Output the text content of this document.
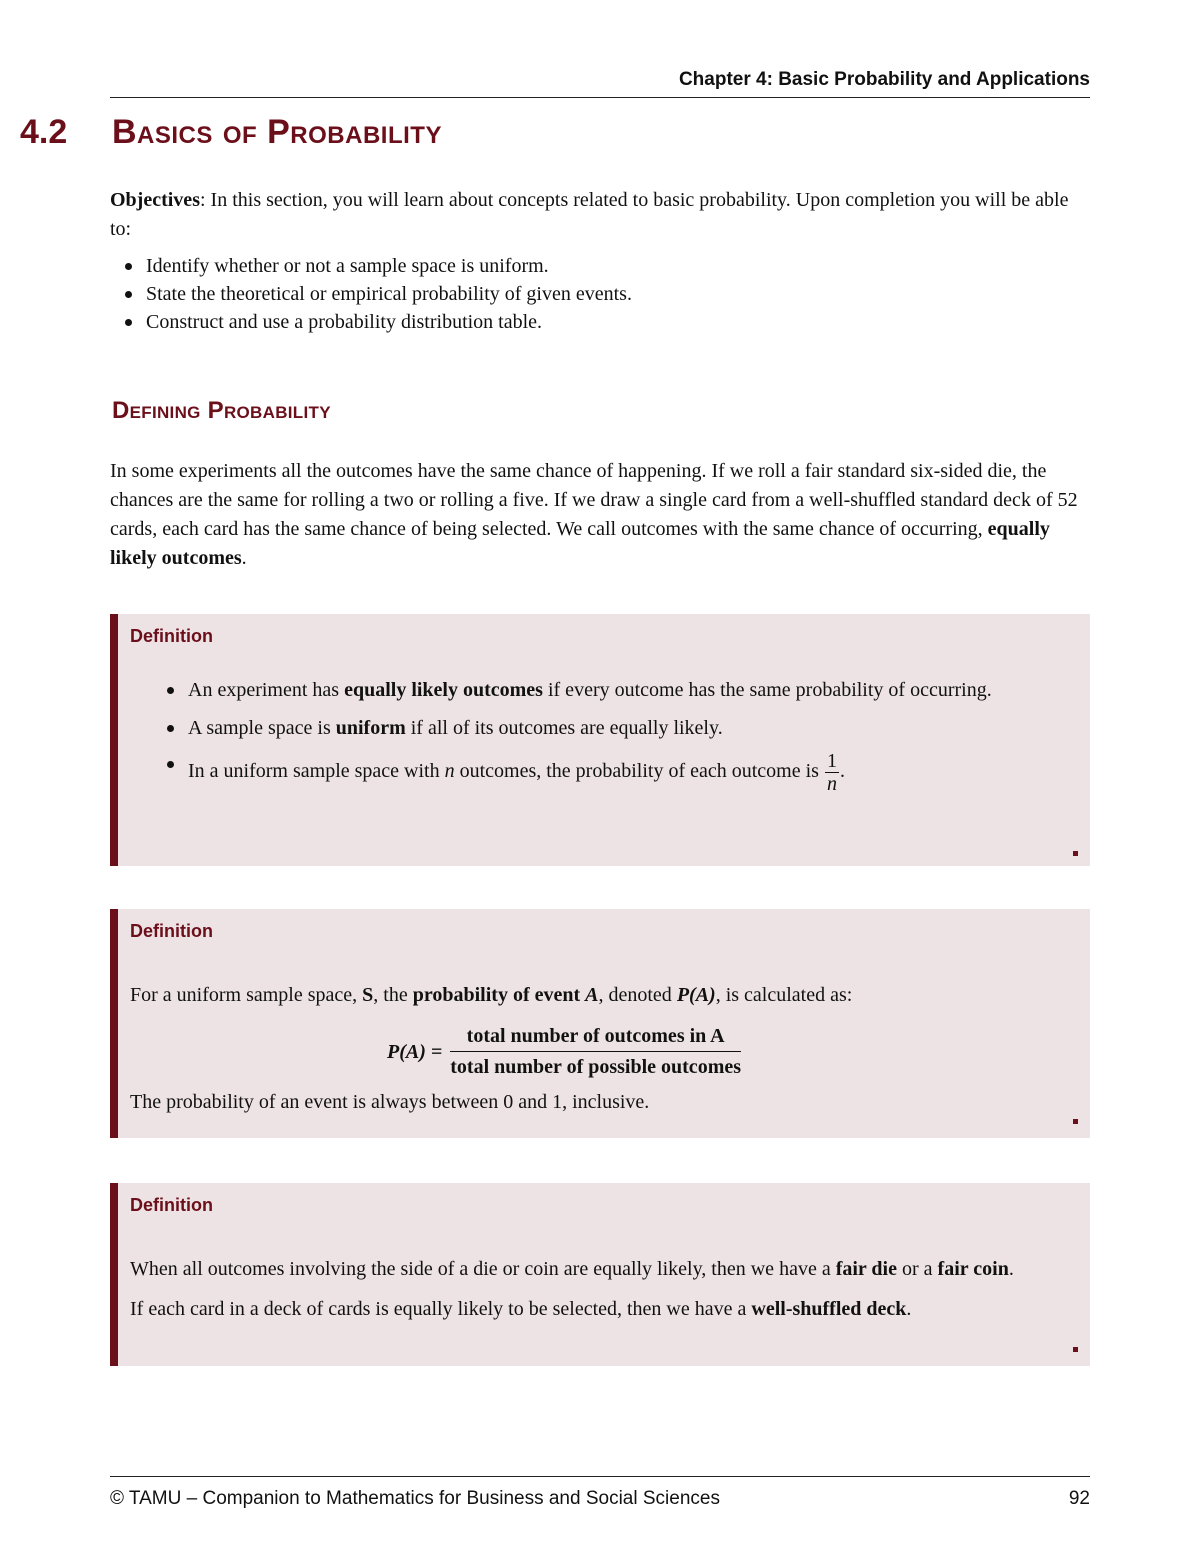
Chapter 4: Basic Probability and Applications
4.2 Basics of Probability

Objectives: In this section, you will learn about concepts related to basic probability. Upon completion you will be able to:

Identify whether or not a sample space is uniform.
State the theoretical or empirical probability of given events.
Construct and use a probability distribution table.
Defining Probability

In some experiments all the outcomes have the same chance of happening. If we roll a fair standard six-sided die, the chances are the same for rolling a two or rolling a five. If we draw a single card from a well-shuffled standard deck of 52 cards, each card has the same chance of being selected. We call outcomes with the same chance of occurring, equally likely outcomes.

Definition
An experiment has equally likely outcomes if every outcome has the same probability of occurring.
A sample space is uniform if all of its outcomes are equally likely.
In a uniform sample space with n outcomes, the probability of each outcome is $\frac{1}{n}$ .
Definition
For a uniform sample space, S, the probability of event A, denoted P(A), is calculated as:
$P(A) = \frac{\text{total number of outcomes in A}}{\text{total number of possible outcomes}}$
The probability of an event is always between 0 and 1, inclusive.
Definition
When all outcomes involving the side of a die or coin are equally likely, then we have a fair die or a fair coin.
If each card in a deck of cards is equally likely to be selected, then we have a well-shuffled deck.
© TAMU – Companion to Mathematics for Business and Social Sciences	92
